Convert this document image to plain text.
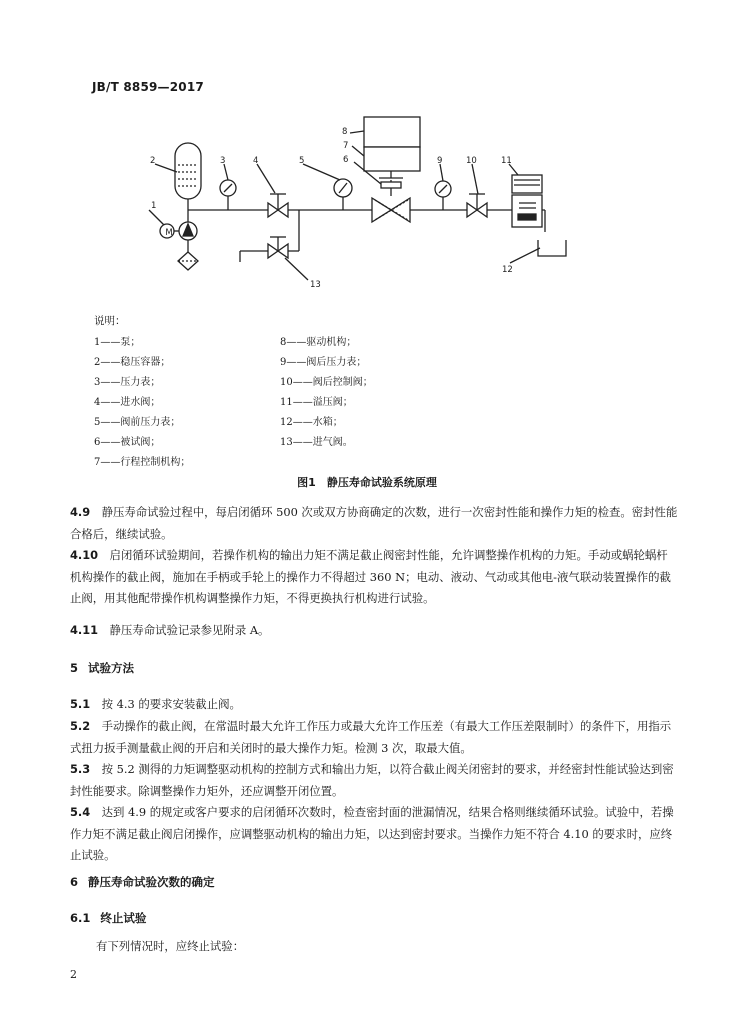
JB/T 8859—2017
M
1
2	3	4	5
8
7
6	9	10	11
12
13
说明：
1——泵；
2——稳压容器；
3——压力表；
4——进水阀；
5——阀前压力表；
6——被试阀；
7——行程控制机构；
8——驱动机构；
9——阀后压力表；
10——阀后控制阀；
11——溢压阀；
12——水箱；
13——进气阀。
图1　静压寿命试验系统原理
4.9　 静压寿命试验过程中，每启闭循环 500 次或双方协商确定的次数，进行一次密封性能和操作力矩的检查。密封性能合格后，继续试验。
4.10　 启闭循环试验期间，若操作机构的输出力矩不满足截止阀密封性能，允许调整操作机构的力矩。手动或蜗轮蜗杆机构操作的截止阀，施加在手柄或手轮上的操作力不得超过 360 N；电动、液动、气动或其他电-液气联动装置操作的截止阀，用其他配带操作机构调整操作力矩，不得更换执行机构进行试验。
4.11　 静压寿命试验记录参见附录 A。
5 试验方法
5.1　 按 4.3 的要求安装截止阀。
5.2　 手动操作的截止阀，在常温时最大允许工作压力或最大允许工作压差（有最大工作压差限制时）的条件下，用指示式扭力扳手测量截止阀的开启和关闭时的最大操作力矩。检测 3 次，取最大值。
5.3　 按 5.2 测得的力矩调整驱动机构的控制方式和输出力矩，以符合截止阀关闭密封的要求，并经密封性能试验达到密封性能要求。除调整操作力矩外，还应调整开闭位置。
5.4　 达到 4.9 的规定或客户要求的启闭循环次数时，检查密封面的泄漏情况，结果合格则继续循环试验。试验中，若操作力矩不满足截止阀启闭操作，应调整驱动机构的输出力矩，以达到密封要求。当操作力矩不符合 4.10 的要求时，应终止试验。
6 静压寿命试验次数的确定
6.1 终止试验
有下列情况时，应终止试验：
2
